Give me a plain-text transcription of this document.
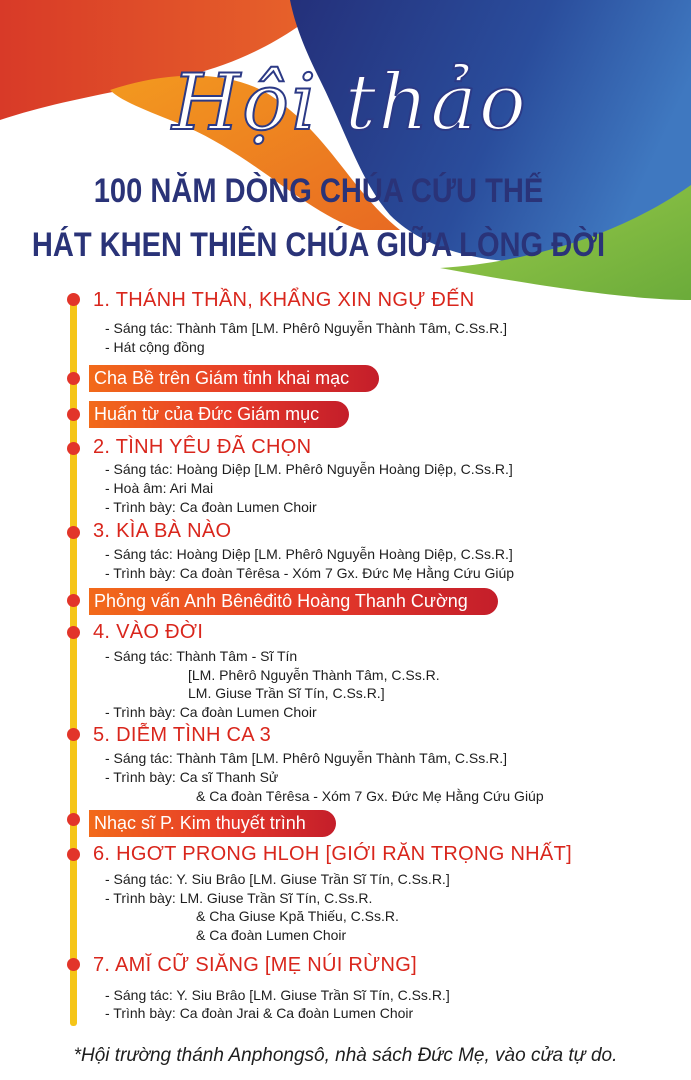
Hội thảo
100 NĂM DÒNG CHÚA CỨU THẾ
HÁT KHEN THIÊN CHÚA GIỮA LÒNG ĐỜI
1. THÁNH THẦN, KHẨNG XIN NGỰ ĐẾN
- Sáng tác: Thành Tâm [LM. Phêrô Nguyễn Thành Tâm, C.Ss.R.]
- Hát cộng đồng
Cha Bề trên Giám tỉnh khai mạc
Huấn từ của Đức Giám mục
2. TÌNH YÊU ĐÃ CHỌN
- Sáng tác: Hoàng Diệp [LM. Phêrô Nguyễn Hoàng Diệp, C.Ss.R.]
- Hoà âm: Ari Mai
- Trình bày: Ca đoàn Lumen Choir
3. KÌA BÀ NÀO
- Sáng tác: Hoàng Diệp [LM. Phêrô Nguyễn Hoàng Diệp, C.Ss.R.]
- Trình bày: Ca đoàn Têrêsa - Xóm 7 Gx. Đức Mẹ Hằng Cứu Giúp
Phỏng vấn Anh Bênêđitô Hoàng Thanh Cường
4. VÀO ĐỜI
- Sáng tác: Thành Tâm - Sĩ Tín
[LM. Phêrô Nguyễn Thành Tâm, C.Ss.R.
LM. Giuse Trần Sĩ Tín, C.Ss.R.]
- Trình bày: Ca đoàn Lumen Choir
5. DIỄM TÌNH CA 3
- Sáng tác: Thành Tâm [LM. Phêrô Nguyễn Thành Tâm, C.Ss.R.]
- Trình bày: Ca sĩ Thanh Sử
& Ca đoàn Têrêsa - Xóm 7 Gx. Đức Mẹ Hằng Cứu Giúp
Nhạc sĩ P. Kim thuyết trình
6. HGƠT PRONG HLOH [GIỚI RĂN TRỌNG NHẤT]
- Sáng tác: Y. Siu Brâo [LM. Giuse Trần Sĩ Tín, C.Ss.R.]
- Trình bày: LM. Giuse Trần Sĩ Tín, C.Ss.R.
& Cha Giuse Kpă Thiếu, C.Ss.R.
& Ca đoàn Lumen Choir
7. AMĬ CỮ SIĂNG [MẸ NÚI RỪNG]
- Sáng tác: Y. Siu Brâo [LM. Giuse Trần Sĩ Tín, C.Ss.R.]
- Trình bày: Ca đoàn Jrai & Ca đoàn Lumen Choir
*Hội trường thánh Anphongsô, nhà sách Đức Mẹ, vào cửa tự do.
